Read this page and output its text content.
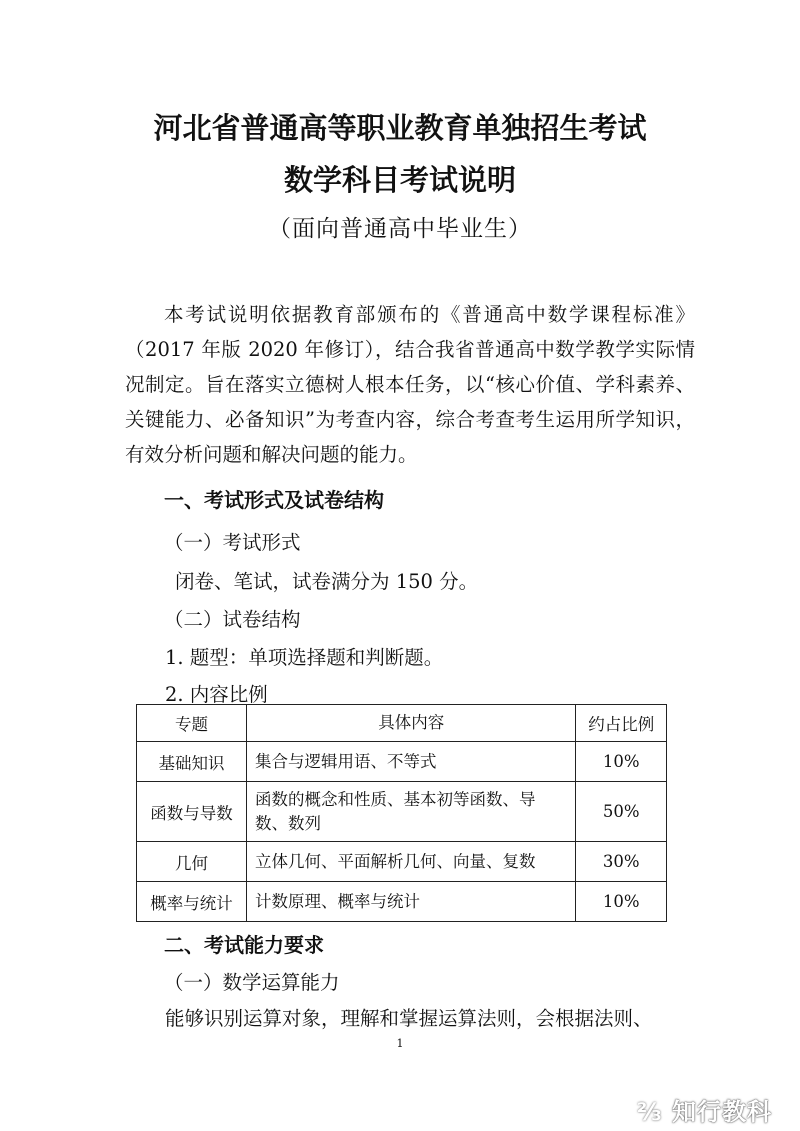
河北省普通高等职业教育单独招生考试
数学科目考试说明
（面向普通高中毕业生）
本考试说明依据教育部颁布的《普通高中数学课程标准》（2017 年版 2020 年修订），结合我省普通高中数学教学实际情况制定。旨在落实立德树人根本任务，以“核心价值、学科素养、关键能力、必备知识”为考查内容，综合考查考生运用所学知识，有效分析问题和解决问题的能力。
一、考试形式及试卷结构
（一）考试形式
闭卷、笔试，试卷满分为 150 分。
（二）试卷结构
1. 题型：单项选择题和判断题。
2. 内容比例
专题	具体内容	约占比例
基础知识	集合与逻辑用语、不等式	10%
函数与导数	函数的概念和性质、基本初等函数、导数、数列	50%
几何	立体几何、平面解析几何、向量、复数	30%
概率与统计	计数原理、概率与统计	10%
二、考试能力要求
（一）数学运算能力
能够识别运算对象，理解和掌握运算法则，会根据法则、
1
⅔ 知行教科
